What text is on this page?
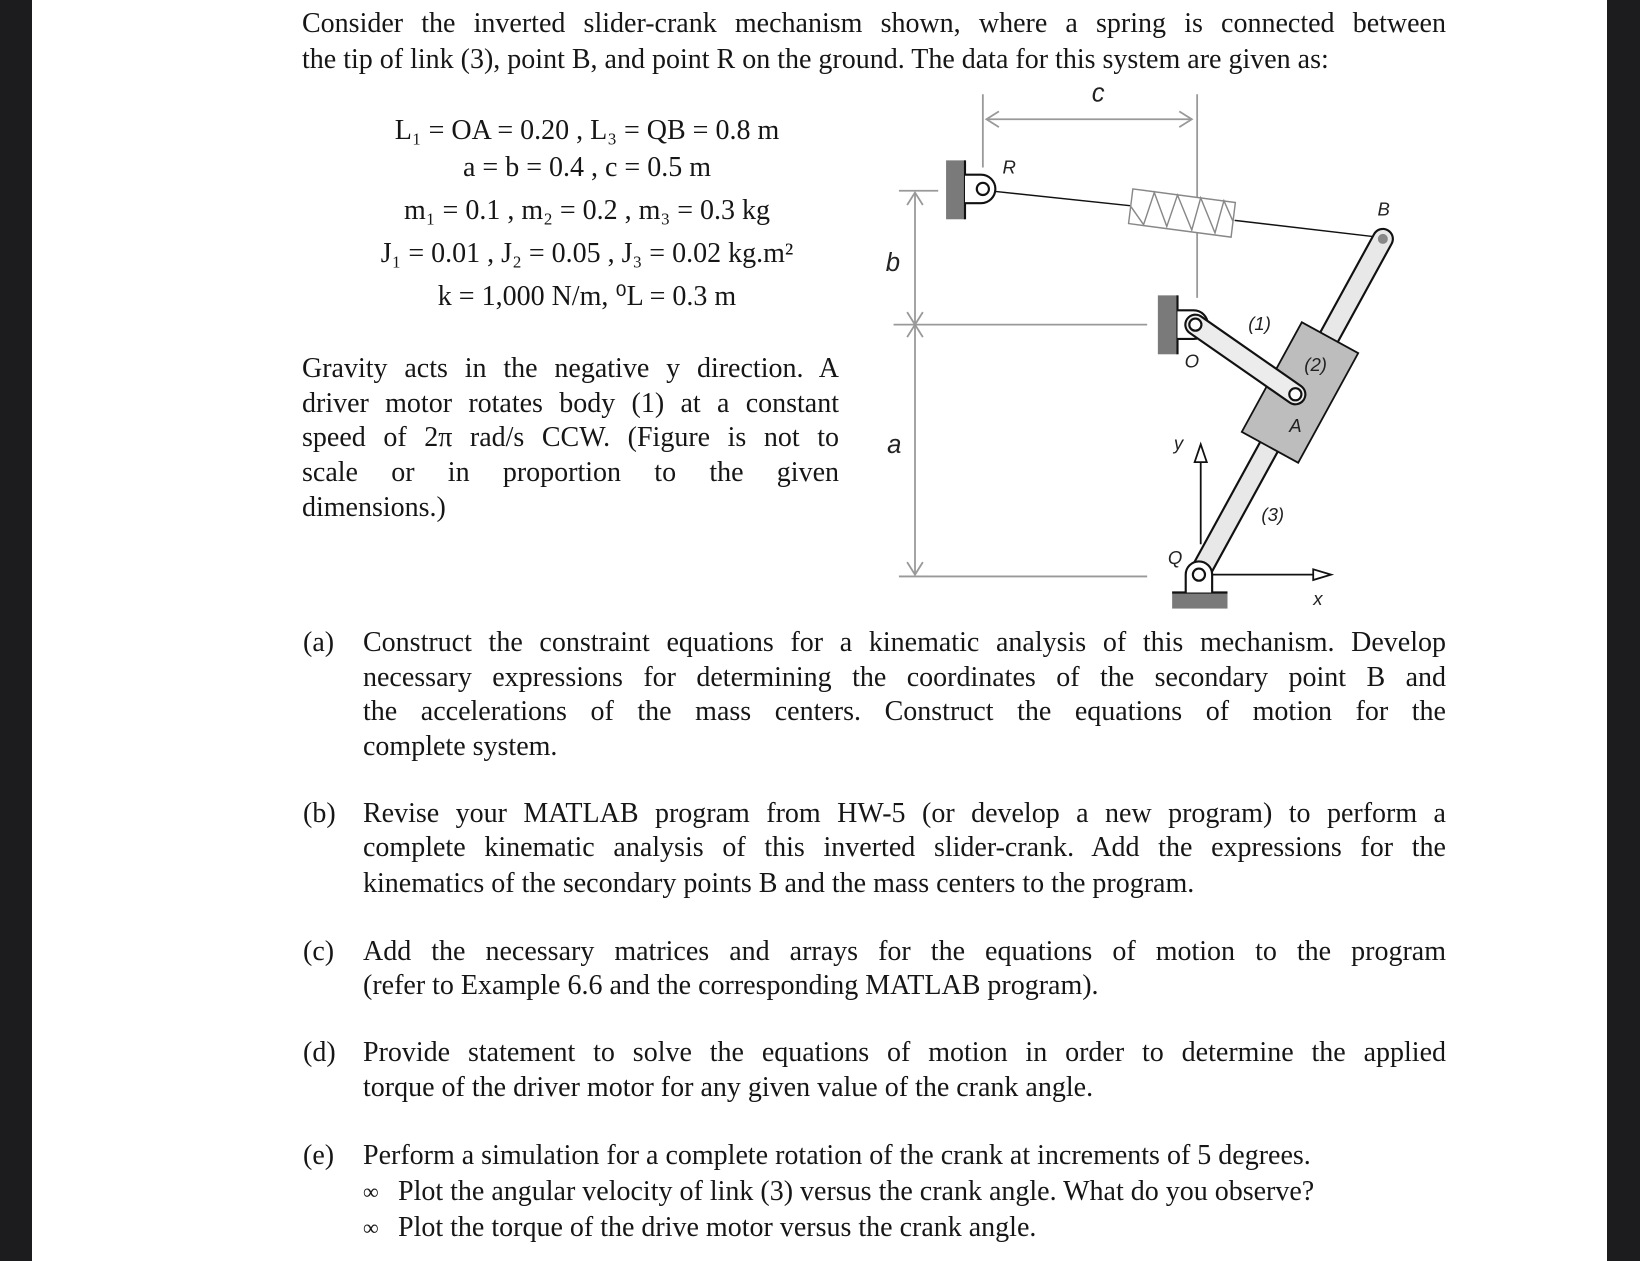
Consider the inverted slider-crank mechanism shown, where a spring is connected between
the tip of link (3), point B, and point R on the ground. The data for this system are given as:
L₁ = OA = 0.20 , L₃ = QB = 0.8 m
a = b = 0.4 , c = 0.5 m
m₁ = 0.1 , m₂ = 0.2 , m₃ = 0.3 kg
J₁ = 0.01 , J₂ = 0.05 , J₃ = 0.02 kg.m²
k = 1,000 N/m, ⁰L = 0.3 m
Gravity acts in the negative y direction. A
driver motor rotates body (1) at a constant
speed of 2π rad/s CCW. (Figure is not to
scale or in proportion to the given
dimensions.)
c
b
a
R
B
O
A
(1)
(2)
(3)
y
x
Q
(a) Construct the constraint equations for a kinematic analysis of this mechanism. Develop
necessary expressions for determining the coordinates of the secondary point B and
the accelerations of the mass centers. Construct the equations of motion for the
complete system.
(b) Revise your MATLAB program from HW-5 (or develop a new program) to perform a
complete kinematic analysis of this inverted slider-crank. Add the expressions for the
kinematics of the secondary points B and the mass centers to the program.
(c) Add the necessary matrices and arrays for the equations of motion to the program
(refer to Example 6.6 and the corresponding MATLAB program).
(d) Provide statement to solve the equations of motion in order to determine the applied
torque of the driver motor for any given value of the crank angle.
(e) Perform a simulation for a complete rotation of the crank at increments of 5 degrees.
∞ Plot the angular velocity of link (3) versus the crank angle. What do you observe?
∞ Plot the torque of the drive motor versus the crank angle.
